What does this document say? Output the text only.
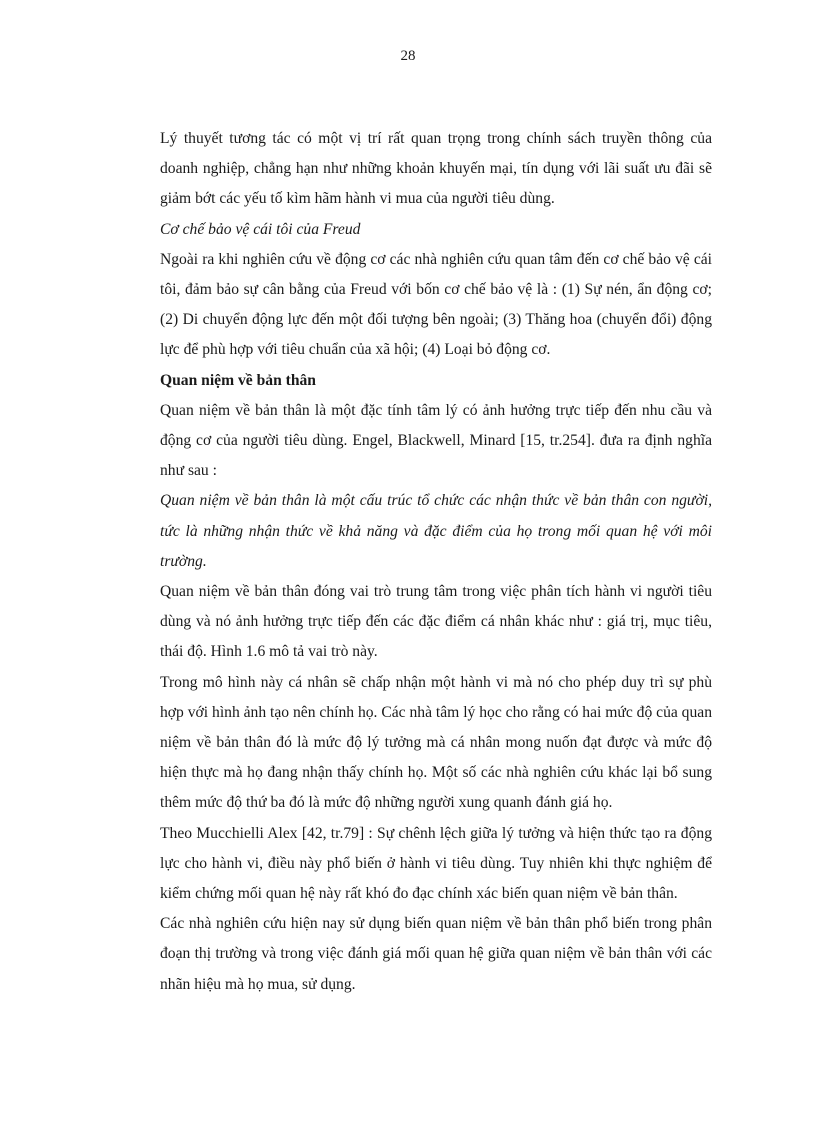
28

Lý thuyết tương tác có một vị trí rất quan trọng trong chính sách truyền thông của doanh nghiệp, chẳng hạn như những khoản khuyến mại, tín dụng với lãi suất ưu đãi sẽ giảm bớt các yếu tố kìm hãm hành vi mua của người tiêu dùng.

Cơ chế bảo vệ cái tôi của Freud

Ngoài ra khi nghiên cứu về động cơ các nhà nghiên cứu quan tâm đến cơ chế bảo vệ cái tôi, đảm bảo sự cân bằng của Freud với bốn cơ chế bảo vệ là : (1) Sự nén, ẩn động cơ; (2) Di chuyển động lực đến một đối tượng bên ngoài; (3) Thăng hoa (chuyển đổi) động lực để phù hợp với tiêu chuẩn của xã hội; (4) Loại bỏ động cơ.

Quan niệm về bản thân

Quan niệm về bản thân là một đặc tính tâm lý có ảnh hưởng trực tiếp đến nhu cầu và động cơ của người tiêu dùng. Engel, Blackwell, Minard [15, tr.254]. đưa ra định nghĩa như sau :

Quan niệm về bản thân là một cấu trúc tổ chức các nhận thức về bản thân con người, tức là những nhận thức về khả năng và đặc điểm của họ trong mối quan hệ với môi trường.

Quan niệm về bản thân đóng vai trò trung tâm trong việc phân tích hành vi người tiêu dùng và nó ảnh hưởng trực tiếp đến các đặc điểm cá nhân khác như : giá trị, mục tiêu, thái độ. Hình 1.6 mô tả vai trò này.

Trong mô hình này cá nhân sẽ chấp nhận một hành vi mà nó cho phép duy trì sự phù hợp với hình ảnh tạo nên chính họ. Các nhà tâm lý học cho rằng có hai mức độ của quan niệm về bản thân đó là mức độ lý tưởng mà cá nhân mong nuốn đạt được và mức độ hiện thực mà họ đang nhận thấy chính họ. Một số các nhà nghiên cứu khác lại bổ sung thêm mức độ thứ ba đó là mức độ những người xung quanh đánh giá họ.

Theo Mucchielli Alex [42, tr.79] : Sự chênh lệch giữa lý tưởng và hiện thức tạo ra động lực cho hành vi, điều này phổ biến ở hành vi tiêu dùng. Tuy nhiên khi thực nghiệm để kiểm chứng mối quan hệ này rất khó đo đạc chính xác biến quan niệm về bản thân.

Các nhà nghiên cứu hiện nay sử dụng biến quan niệm về bản thân phổ biến trong phân đoạn thị trường và trong việc đánh giá mối quan hệ giữa quan niệm về bản thân với các nhãn hiệu mà họ mua, sử dụng.
